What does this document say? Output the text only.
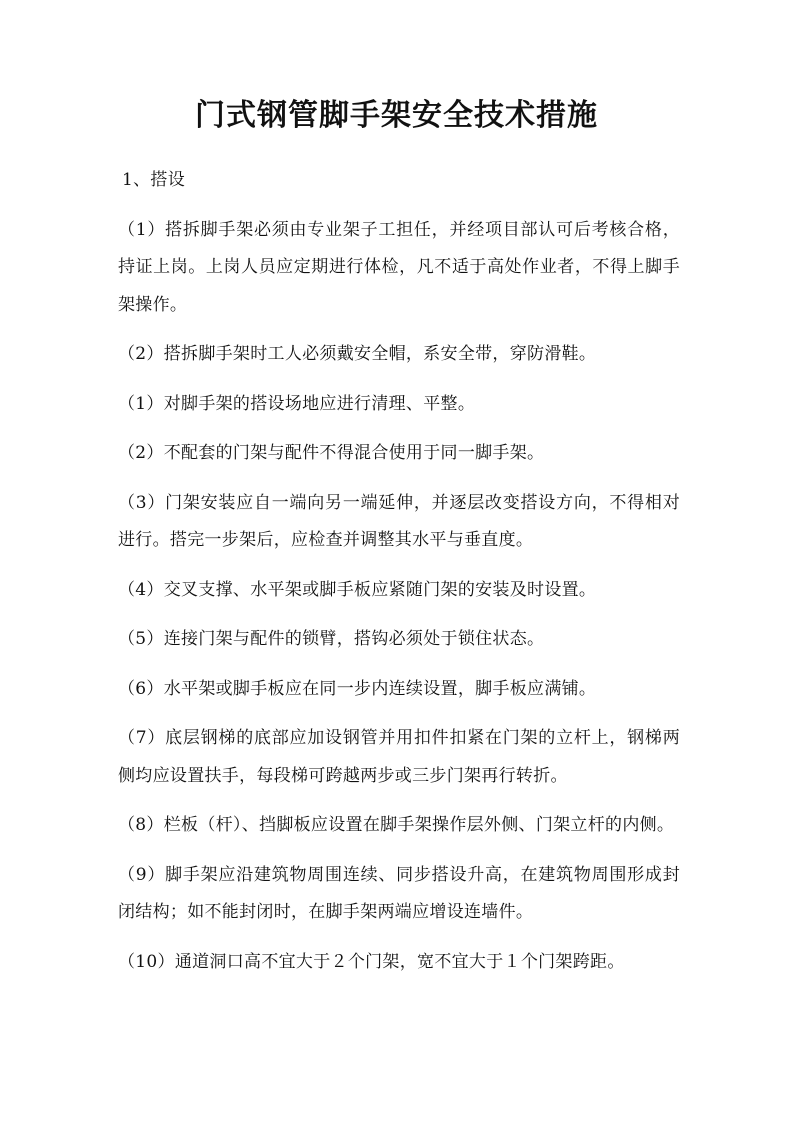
门式钢管脚手架安全技术措施

1、搭设

（1）搭拆脚手架必须由专业架子工担任，并经项目部认可后考核合格，持证上岗。上岗人员应定期进行体检，凡不适于高处作业者，不得上脚手架操作。

（2）搭拆脚手架时工人必须戴安全帽，系安全带，穿防滑鞋。

（1）对脚手架的搭设场地应进行清理、平整。

（2）不配套的门架与配件不得混合使用于同一脚手架。

（3）门架安装应自一端向另一端延伸，并逐层改变搭设方向，不得相对进行。搭完一步架后，应检查并调整其水平与垂直度。

（4）交叉支撑、水平架或脚手板应紧随门架的安装及时设置。

（5）连接门架与配件的锁臂，搭钩必须处于锁住状态。

（6）水平架或脚手板应在同一步内连续设置，脚手板应满铺。

（7）底层钢梯的底部应加设钢管并用扣件扣紧在门架的立杆上，钢梯两侧均应设置扶手，每段梯可跨越两步或三步门架再行转折。

（8）栏板（杆）、挡脚板应设置在脚手架操作层外侧、门架立杆的内侧。

（9）脚手架应沿建筑物周围连续、同步搭设升高，在建筑物周围形成封闭结构；如不能封闭时，在脚手架两端应增设连墙件。

（10）通道洞口高不宜大于２个门架，宽不宜大于１个门架跨距。
